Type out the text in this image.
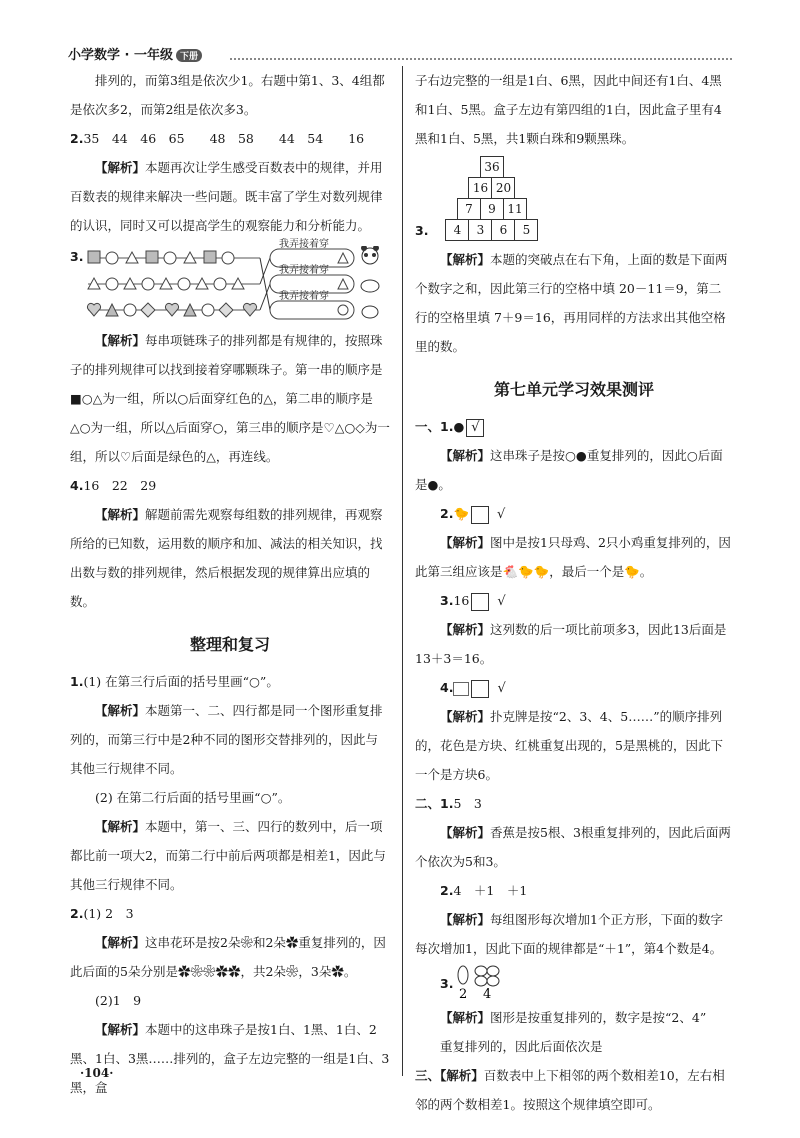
小学数学 · 一年级 下册

排列的，而第3组是依次少1。右题中第1、3、4组都是依次多2，而第2组是依次多3。

2.35　44　46　65　　48　58　　44　54　　16

【解析】本题再次让学生感受百数表中的规律，并用百数表的规律来解决一些问题。既丰富了学生对数列规律的认识，同时又可以提高学生的观察能力和分析能力。

3.
我弄接着穿
我弄接着穿
我弄接着穿

【解析】每串项链珠子的排列都是有规律的，按照珠子的排列规律可以找到接着穿哪颗珠子。第一串的顺序是■○△为一组，所以○后面穿红色的△，第二串的顺序是△○为一组，所以△后面穿○，第三串的顺序是♡△○◇为一组，所以♡后面是绿色的△，再连线。

4.16　22　29

【解析】解题前需先观察每组数的排列规律，再观察所给的已知数，运用数的顺序和加、减法的相关知识，找出数与数的排列规律，然后根据发现的规律算出应填的数。

整理和复习

1.(1) 在第三行后面的括号里画“○”。

【解析】本题第一、二、四行都是同一个图形重复排列的，而第三行中是2种不同的图形交替排列的，因此与其他三行规律不同。

(2) 在第二行后面的括号里画“○”。

【解析】本题中，第一、三、四行的数列中，后一项都比前一项大2，而第二行中前后两项都是相差1，因此与其他三行规律不同。

2.(1) 2　3

【解析】这串花环是按2朵❀和2朵✿重复排列的，因此后面的5朵分别是✿❀❀✿✿，共2朵❀，3朵✿。

(2)1　9

【解析】本题中的这串珠子是按1白、1黑、1白、2黑、1白、3黑……排列的，盒子左边完整的一组是1白、3黑，盒

子右边完整的一组是1白、6黑，因此中间还有1白、4黑和1白、5黑。盒子左边有第四组的1白，因此盒子里有4黑和1白、5黑，共1颗白珠和9颗黑珠。

3.
36
16 20
7	9 11
4	3	6	5

【解析】本题的突破点在右下角，上面的数是下面两个数字之和，因此第三行的空格中填 20－11＝9，第二行的空格里填 7＋9＝16，再用同样的方法求出其他空格里的数。

第七单元学习效果测评

一、1.● √

【解析】这串珠子是按○●重复排列的，因此○后面是●。

2.🐤 √

【解析】图中是按1只母鸡、2只小鸡重复排列的，因此第三组应该是🐔🐤🐤，最后一个是🐤。

3.16 √

【解析】这列数的后一项比前项多3，因此13后面是13＋3＝16。

4.	√

【解析】扑克牌是按“2、3、4、5……”的顺序排列的，花色是方块、红桃重复出现的，5是黑桃的，因此下一个是方块6。

二、1.5　3

【解析】香蕉是按5根、3根重复排列的，因此后面两个依次为5和3。

2.4　＋1　＋1

【解析】每组图形每次增加1个正方形，下面的数字每次增加1，因此下面的规律都是“＋1”，第4个数是4。

3.
2 4

【解析】图形是按重复排列的，数字是按“2、4”

重复排列的，因此后面依次是

三、【解析】百数表中上下相邻的两个数相差10，左右相邻的两个数相差1。按照这个规律填空即可。

·104·
